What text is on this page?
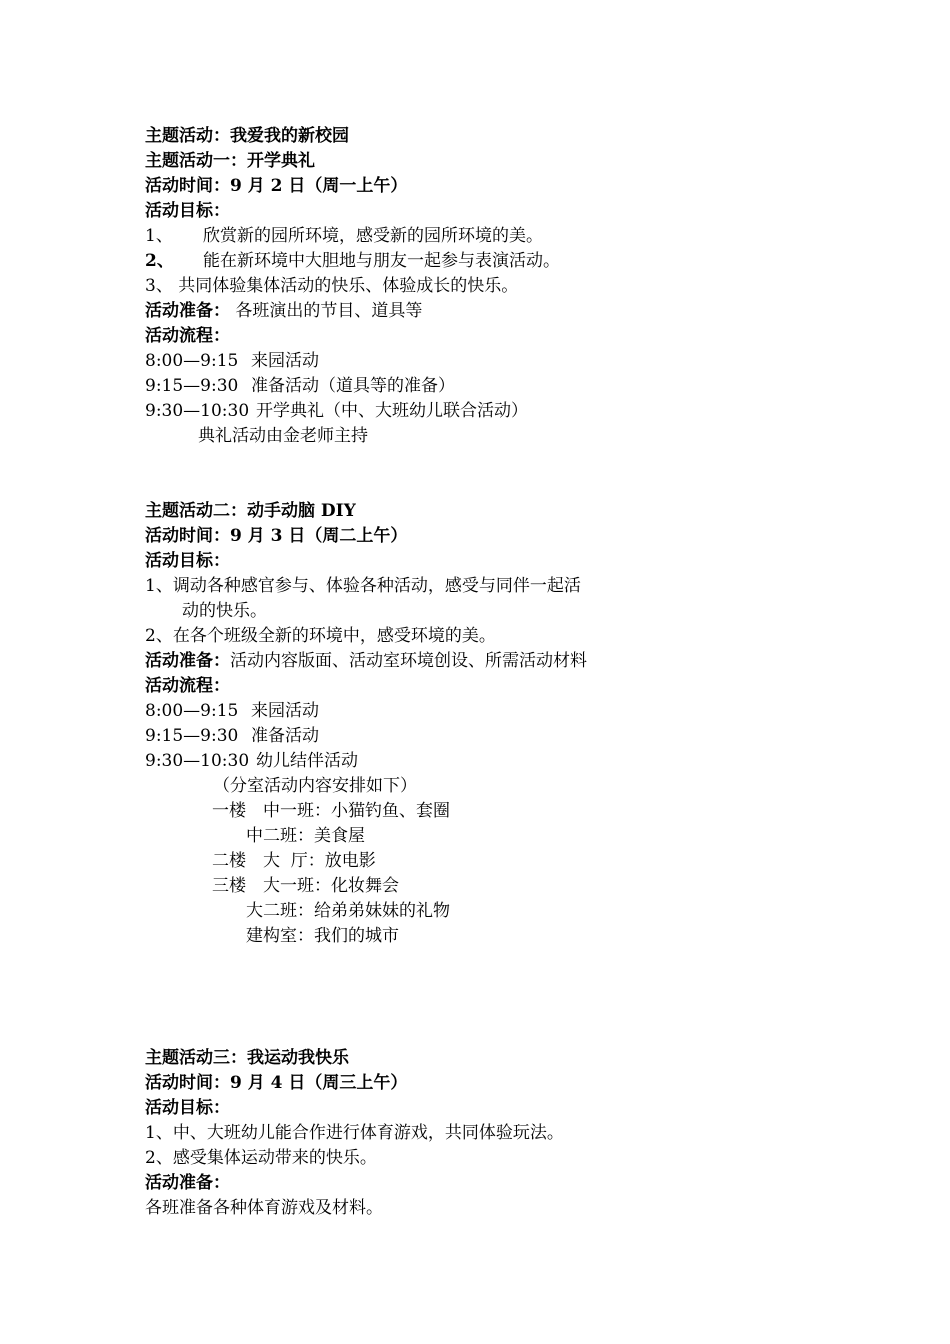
主题活动：我爱我的新校园
主题活动一：开学典礼
活动时间：9 月 2 日（周一上午）
活动目标：
1、 欣赏新的园所环境，感受新的园所环境的美。
2、 能在新环境中大胆地与朋友一起参与表演活动。
3、 共同体验集体活动的快乐、体验成长的快乐。
活动准备： 各班演出的节目、道具等
活动流程：
8:00—9:15 来园活动
9:15—9:30 准备活动（道具等的准备）
9:30—10:30 开学典礼（中、大班幼儿联合活动）
典礼活动由金老师主持
主题活动二：动手动脑 DIY
活动时间：9 月 3 日（周二上午）
活动目标：
1、调动各种感官参与、体验各种活动，感受与同伴一起活
动的快乐。
2、在各个班级全新的环境中，感受环境的美。
活动准备：活动内容版面、活动室环境创设、所需活动材料
活动流程：
8:00—9:15 来园活动
9:15—9:30 准备活动
9:30—10:30 幼儿结伴活动
（分室活动内容安排如下）
一楼 中一班：小猫钓鱼、套圈
中二班：美食屋
二楼 大  厅：放电影
三楼 大一班：化妆舞会
大二班：给弟弟妹妹的礼物
建构室：我们的城市
主题活动三：我运动我快乐
活动时间：9 月 4 日（周三上午）
活动目标：
1、中、大班幼儿能合作进行体育游戏，共同体验玩法。
2、感受集体运动带来的快乐。
活动准备：
各班准备各种体育游戏及材料。
